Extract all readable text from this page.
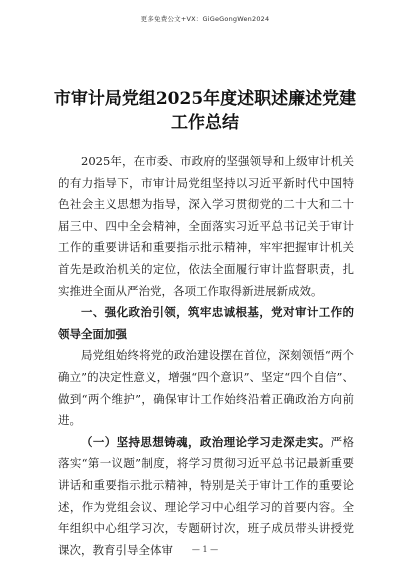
更多免费公文+VX：GiGeGongWen2024
市审计局党组2025年度述职述廉述党建
工作总结

2025年，在市委、市政府的坚强领导和上级审计机关的有力指导下，市审计局党组坚持以习近平新时代中国特色社会主义思想为指导，深入学习贯彻党的二十大和二十届三中、四中全会精神，全面落实习近平总书记关于审计工作的重要讲话和重要指示批示精神，牢牢把握审计机关首先是政治机关的定位，依法全面履行审计监督职责，扎实推进全面从严治党，各项工作取得新进展新成效。

一、强化政治引领，筑牢忠诚根基，党对审计工作的领导全面加强

局党组始终将党的政治建设摆在首位，深刻领悟“两个确立”的决定性意义，增强“四个意识”、坚定“四个自信”、做到“两个维护”，确保审计工作始终沿着正确政治方向前进。

（一）坚持思想铸魂，政治理论学习走深走实。严格落实“第一议题”制度，将学习贯彻习近平总书记最新重要讲话和重要指示批示精神，特别是关于审计工作的重要论述，作为党组会议、理论学习中心组学习的首要内容。全年组织中心组学习次，专题研讨次，班子成员带头讲授党课次，教育引导全体审	— 1 —
